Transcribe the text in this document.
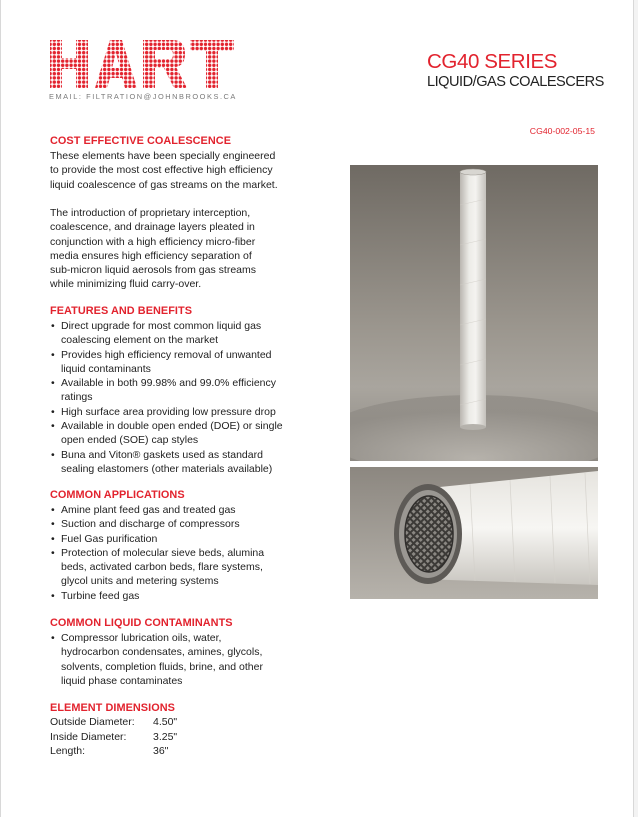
EMAIL: FILTRATION@JOHNBROOKS.CA
CG40 SERIES
LIQUID/GAS COALESCERS
CG40-002-05-15
COST EFFECTIVE COALESCENCE
These elements have been specially engineered
to provide the most cost effective high efficiency
liquid coalescence of gas streams on the market.
The introduction of proprietary interception,
coalescence, and drainage layers pleated in
conjunction with a high efficiency micro-fiber
media ensures high efficiency separation of
sub-micron liquid aerosols from gas streams
while minimizing fluid carry-over.
FEATURES AND BENEFITS
• Direct upgrade for most common liquid gas
coalescing element on the market
• Provides high efficiency removal of unwanted
liquid contaminants
• Available in both 99.98% and 99.0% efficiency
ratings
• High surface area providing low pressure drop
• Available in double open ended (DOE) or single
open ended (SOE) cap styles
• Buna and Viton® gaskets used as standard
sealing elastomers (other materials available)
COMMON APPLICATIONS
• Amine plant feed gas and treated gas
• Suction and discharge of compressors
• Fuel Gas purification
• Protection of molecular sieve beds, alumina
beds, activated carbon beds, flare systems,
glycol units and metering systems
• Turbine feed gas
COMMON LIQUID CONTAMINANTS
• Compressor lubrication oils, water,
hydrocarbon condensates, amines, glycols,
solvents, completion fluids, brine, and other
liquid phase contaminates
ELEMENT DIMENSIONS
Outside Diameter:	4.50"
Inside Diameter:	3.25"
Length:	36"
